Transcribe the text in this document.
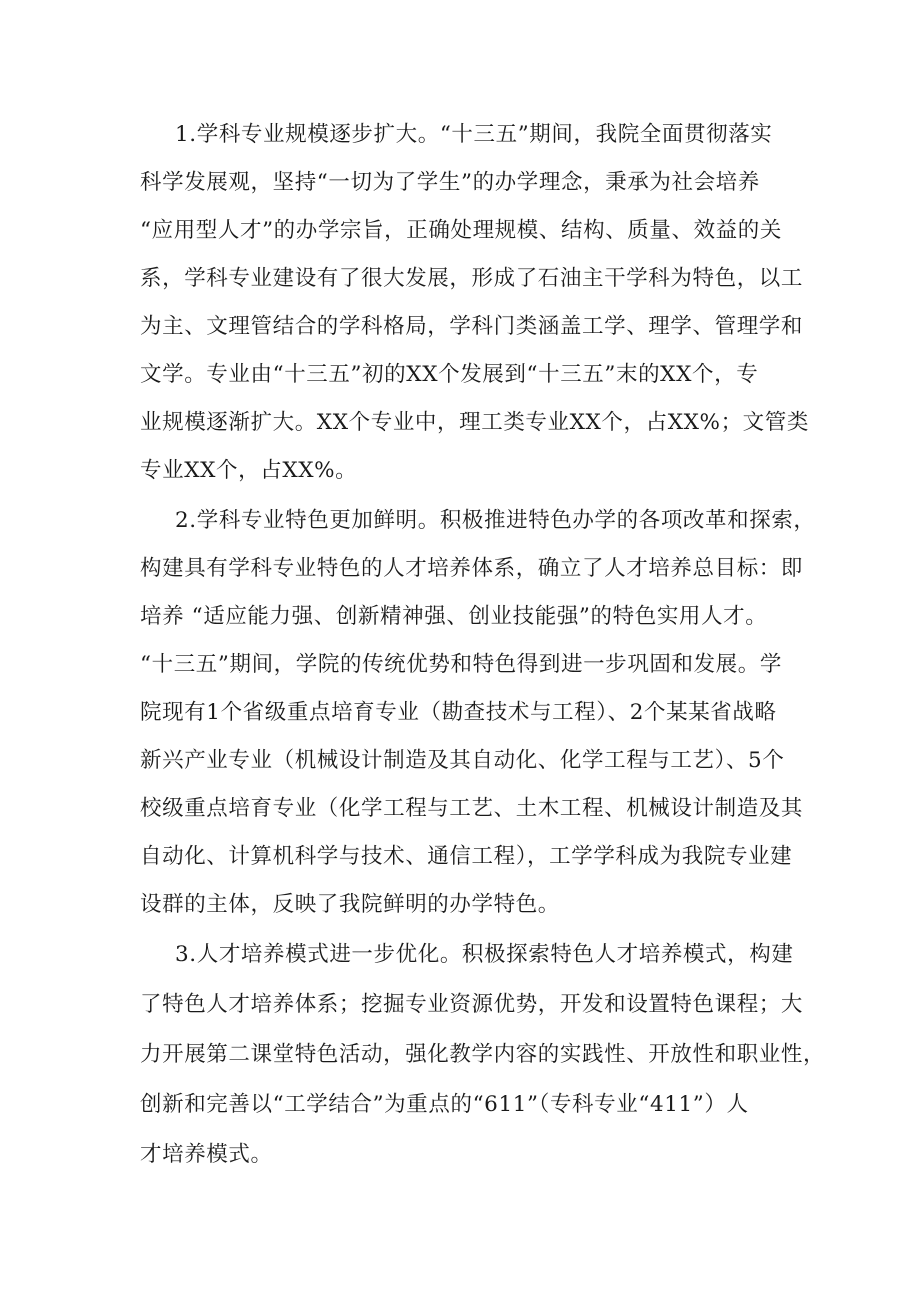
1.学科专业规模逐步扩大。“十三五”期间，我院全面贯彻落实
科学发展观，坚持“一切为了学生”的办学理念，秉承为社会培养
“应用型人才”的办学宗旨，正确处理规模、结构、质量、效益的关
系，学科专业建设有了很大发展，形成了石油主干学科为特色，以工
为主、文理管结合的学科格局，学科门类涵盖工学、理学、管理学和
文学。专业由“十三五”初的XX个发展到“十三五”末的XX个，专
业规模逐渐扩大。XX个专业中，理工类专业XX个，占XX%；文管类
专业XX个，占XX%。
2.学科专业特色更加鲜明。积极推进特色办学的各项改革和探索，
构建具有学科专业特色的人才培养体系，确立了人才培养总目标：即
培养 “适应能力强、创新精神强、创业技能强”的特色实用人才。
“十三五”期间，学院的传统优势和特色得到进一步巩固和发展。学
院现有1个省级重点培育专业（勘查技术与工程）、2个某某省战略
新兴产业专业（机械设计制造及其自动化、化学工程与工艺）、5个
校级重点培育专业（化学工程与工艺、土木工程、机械设计制造及其
自动化、计算机科学与技术、通信工程），工学学科成为我院专业建
设群的主体，反映了我院鲜明的办学特色。
3.人才培养模式进一步优化。积极探索特色人才培养模式，构建
了特色人才培养体系；挖掘专业资源优势，开发和设置特色课程；大
力开展第二课堂特色活动，强化教学内容的实践性、开放性和职业性，
创新和完善以“工学结合”为重点的“611”（专科专业“411”）人
才培养模式。
